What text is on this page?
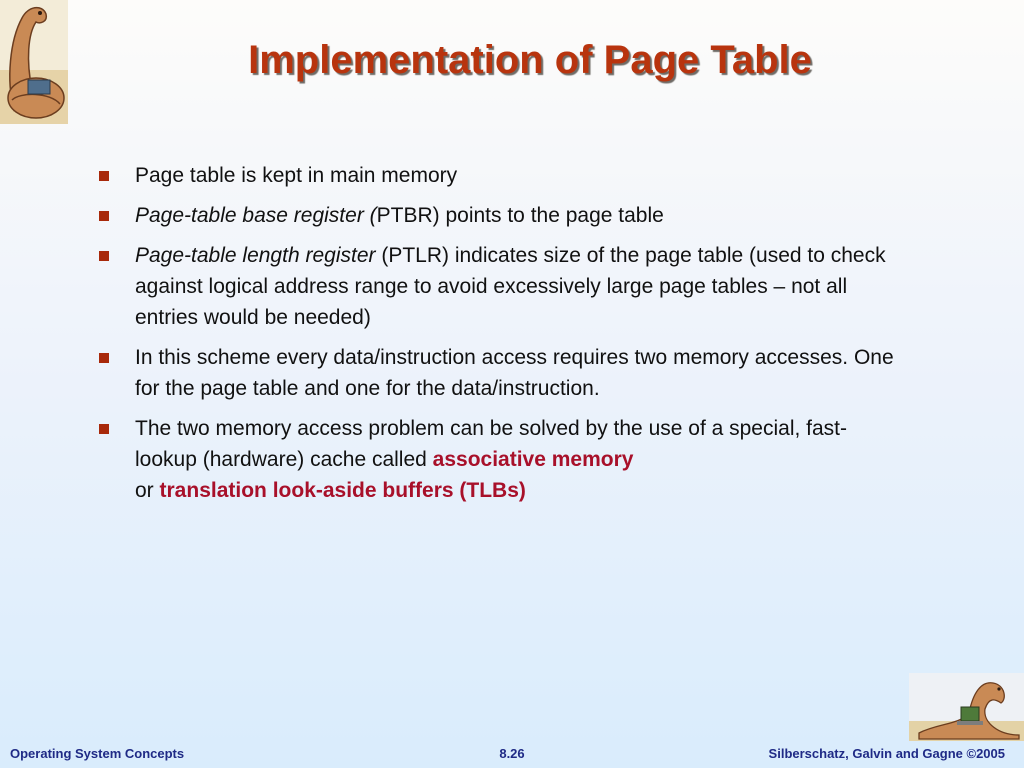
Implementation of Page Table
Page table is kept in main memory
Page-table base register (PTBR) points to the page table
Page-table length register (PTLR) indicates size of the page table (used to check against logical address range to avoid excessively large page tables – not all entries would be needed)
In this scheme every data/instruction access requires two memory accesses. One for the page table and one for the data/instruction.
The two memory access problem can be solved by the use of a special, fast-lookup (hardware) cache called associative memory
or translation look-aside buffers (TLBs)
Operating System Concepts	8.26	Silberschatz, Galvin and Gagne ©2005
